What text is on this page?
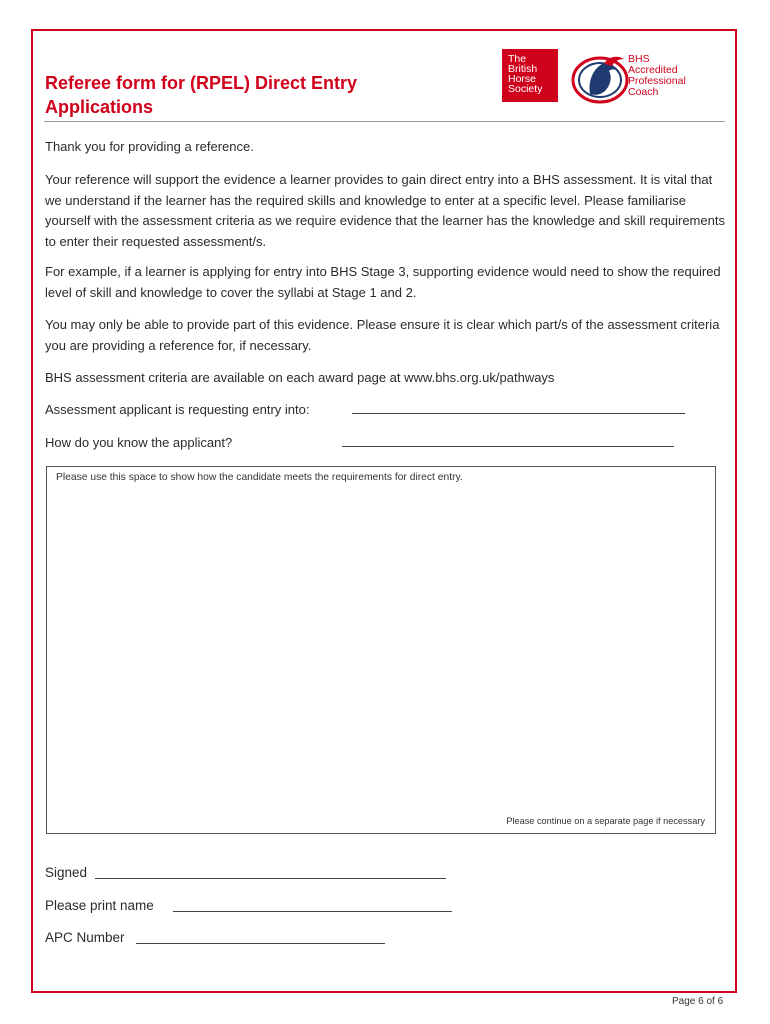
Referee form for (RPEL) Direct Entry Applications
The
British
Horse
Society
BHS
Accredited
Professional
Coach

Thank you for providing a reference.

Your reference will support the evidence a learner provides to gain direct entry into a BHS assessment. It is vital that we understand if the learner has the required skills and knowledge to enter at a specific level. Please familiarise yourself with the assessment criteria as we require evidence that the learner has the knowledge and skill requirements to enter their requested assessment/s.

For example, if a learner is applying for entry into BHS Stage 3, supporting evidence would need to show the required level of skill and knowledge to cover the syllabi at Stage 1 and 2.

You may only be able to provide part of this evidence. Please ensure it is clear which part/s of the assessment criteria you are providing a reference for, if necessary.

BHS assessment criteria are available on each award page at www.bhs.org.uk/pathways

Assessment applicant is requesting entry into:

How do you know the applicant?

Please use this space to show how the candidate meets the requirements for direct entry.
Please continue on a separate page if necessary
Signed
Please print name
APC Number
Page 6 of 6
